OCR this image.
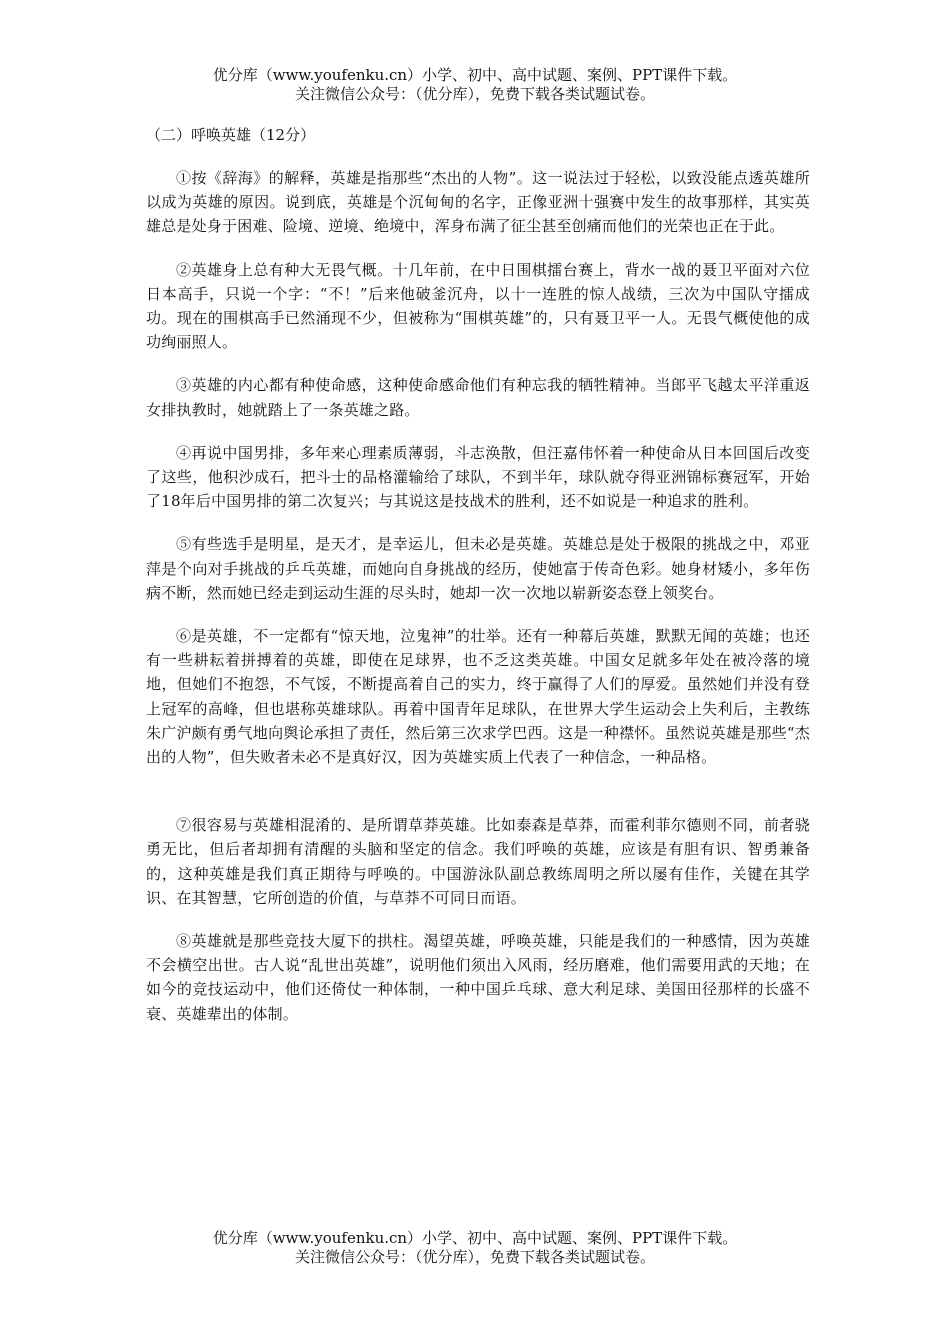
优分库（www.youfenku.cn）小学、初中、高中试题、案例、PPT课件下载。
关注微信公众号：（优分库），免费下载各类试题试卷。
（二）呼唤英雄（12分）

①按《辞海》的解释，英雄是指那些“杰出的人物”。这一说法过于轻松，以致没能点透英雄所以成为英雄的原因。说到底，英雄是个沉甸甸的名字，正像亚洲十强赛中发生的故事那样，其实英雄总是处身于困难、险境、逆境、绝境中，浑身布满了征尘甚至创痛而他们的光荣也正在于此。

②英雄身上总有种大无畏气概。十几年前，在中日围棋擂台赛上，背水一战的聂卫平面对六位日本高手，只说一个字：“不！”后来他破釜沉舟，以十一连胜的惊人战绩，三次为中国队守擂成功。现在的围棋高手已然涌现不少，但被称为“围棋英雄”的，只有聂卫平一人。无畏气概使他的成功绚丽照人。

③英雄的内心都有种使命感，这种使命感命他们有种忘我的牺牲精神。当郎平飞越太平洋重返女排执教时，她就踏上了一条英雄之路。

④再说中国男排，多年来心理素质薄弱，斗志涣散，但汪嘉伟怀着一种使命从日本回国后改变了这些，他积沙成石，把斗士的品格灌输给了球队，不到半年，球队就夺得亚洲锦标赛冠军，开始了18年后中国男排的第二次复兴；与其说这是技战术的胜利，还不如说是一种追求的胜利。

⑤有些选手是明星，是天才，是幸运儿，但未必是英雄。英雄总是处于极限的挑战之中，邓亚萍是个向对手挑战的乒乓英雄，而她向自身挑战的经历，使她富于传奇色彩。她身材矮小，多年伤病不断，然而她已经走到运动生涯的尽头时，她却一次一次地以崭新姿态登上领奖台。

⑥是英雄，不一定都有“惊天地，泣鬼神”的壮举。还有一种幕后英雄，默默无闻的英雄；也还有一些耕耘着拼搏着的英雄，即使在足球界，也不乏这类英雄。中国女足就多年处在被冷落的境地，但她们不抱怨，不气馁，不断提高着自己的实力，终于赢得了人们的厚爱。虽然她们并没有登上冠军的高峰，但也堪称英雄球队。再着中国青年足球队，在世界大学生运动会上失利后，主教练朱广沪颇有勇气地向舆论承担了责任，然后第三次求学巴西。这是一种襟怀。虽然说英雄是那些“杰出的人物”，但失败者未必不是真好汉，因为英雄实质上代表了一种信念，一种品格。

⑦很容易与英雄相混淆的、是所谓草莽英雄。比如泰森是草莽，而霍利菲尔德则不同，前者骁勇无比，但后者却拥有清醒的头脑和坚定的信念。我们呼唤的英雄，应该是有胆有识、智勇兼备的，这种英雄是我们真正期待与呼唤的。中国游泳队副总教练周明之所以屡有佳作，关键在其学识、在其智慧，它所创造的价值，与草莽不可同日而语。

⑧英雄就是那些竞技大厦下的拱柱。渴望英雄，呼唤英雄，只能是我们的一种感情，因为英雄不会横空出世。古人说“乱世出英雄”，说明他们须出入风雨，经历磨难，他们需要用武的天地；在如今的竞技运动中，他们还倚仗一种体制，一种中国乒乓球、意大利足球、美国田径那样的长盛不衰、英雄辈出的体制。

优分库（www.youfenku.cn）小学、初中、高中试题、案例、PPT课件下载。
关注微信公众号：（优分库），免费下载各类试题试卷。
